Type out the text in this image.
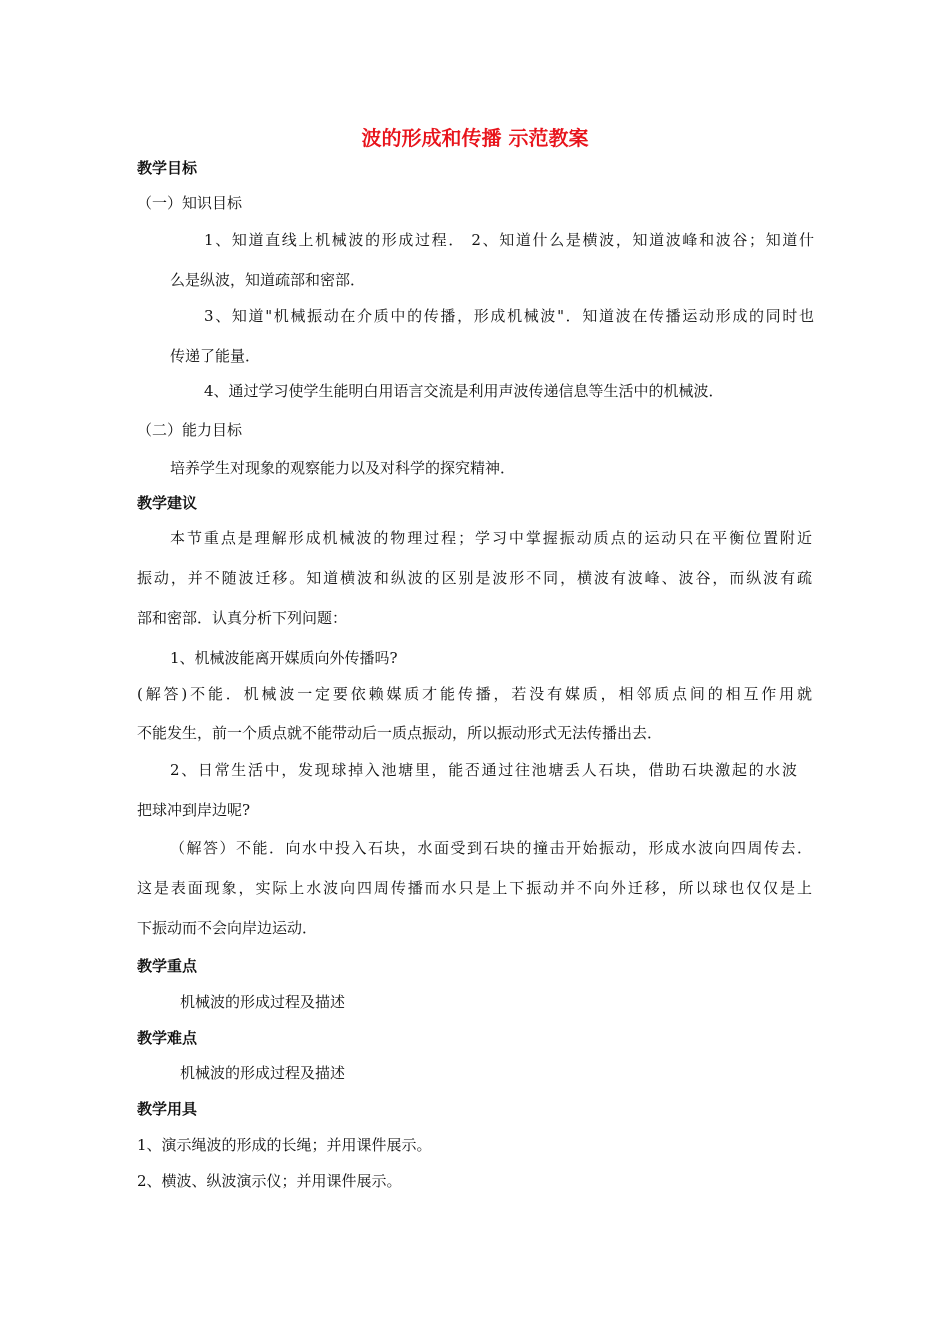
波的形成和传播 示范教案
教学目标
（一）知识目标
1、知道直线上机械波的形成过程． 2、知道什么是横波，知道波峰和波谷；知道什
么是纵波，知道疏部和密部．
3、知道"机械振动在介质中的传播，形成机械波"．知道波在传播运动形成的同时也
传递了能量．
4、通过学习使学生能明白用语言交流是利用声波传递信息等生活中的机械波．
（二）能力目标
培养学生对现象的观察能力以及对科学的探究精神．
教学建议
本节重点是理解形成机械波的物理过程；学习中掌握振动质点的运动只在平衡位置附近
振动，并不随波迁移。知道横波和纵波的区别是波形不同，横波有波峰、波谷，而纵波有疏
部和密部．认真分析下列问题：
1、机械波能离开媒质向外传播吗?
(解答)不能．机械波一定要依赖媒质才能传播，若没有媒质，相邻质点间的相互作用就
不能发生，前一个质点就不能带动后一质点振动，所以振动形式无法传播出去．
2、日常生活中，发现球掉入池塘里，能否通过往池塘丢人石块，借助石块激起的水波
把球冲到岸边呢?
（解答）不能．向水中投入石块，水面受到石块的撞击开始振动，形成水波向四周传去．
这是表面现象，实际上水波向四周传播而水只是上下振动并不向外迁移，所以球也仅仅是上
下振动而不会向岸边运动．
教学重点
机械波的形成过程及描述
教学难点
机械波的形成过程及描述
教学用具
1、演示绳波的形成的长绳；并用课件展示。
2、横波、纵波演示仪；并用课件展示。
